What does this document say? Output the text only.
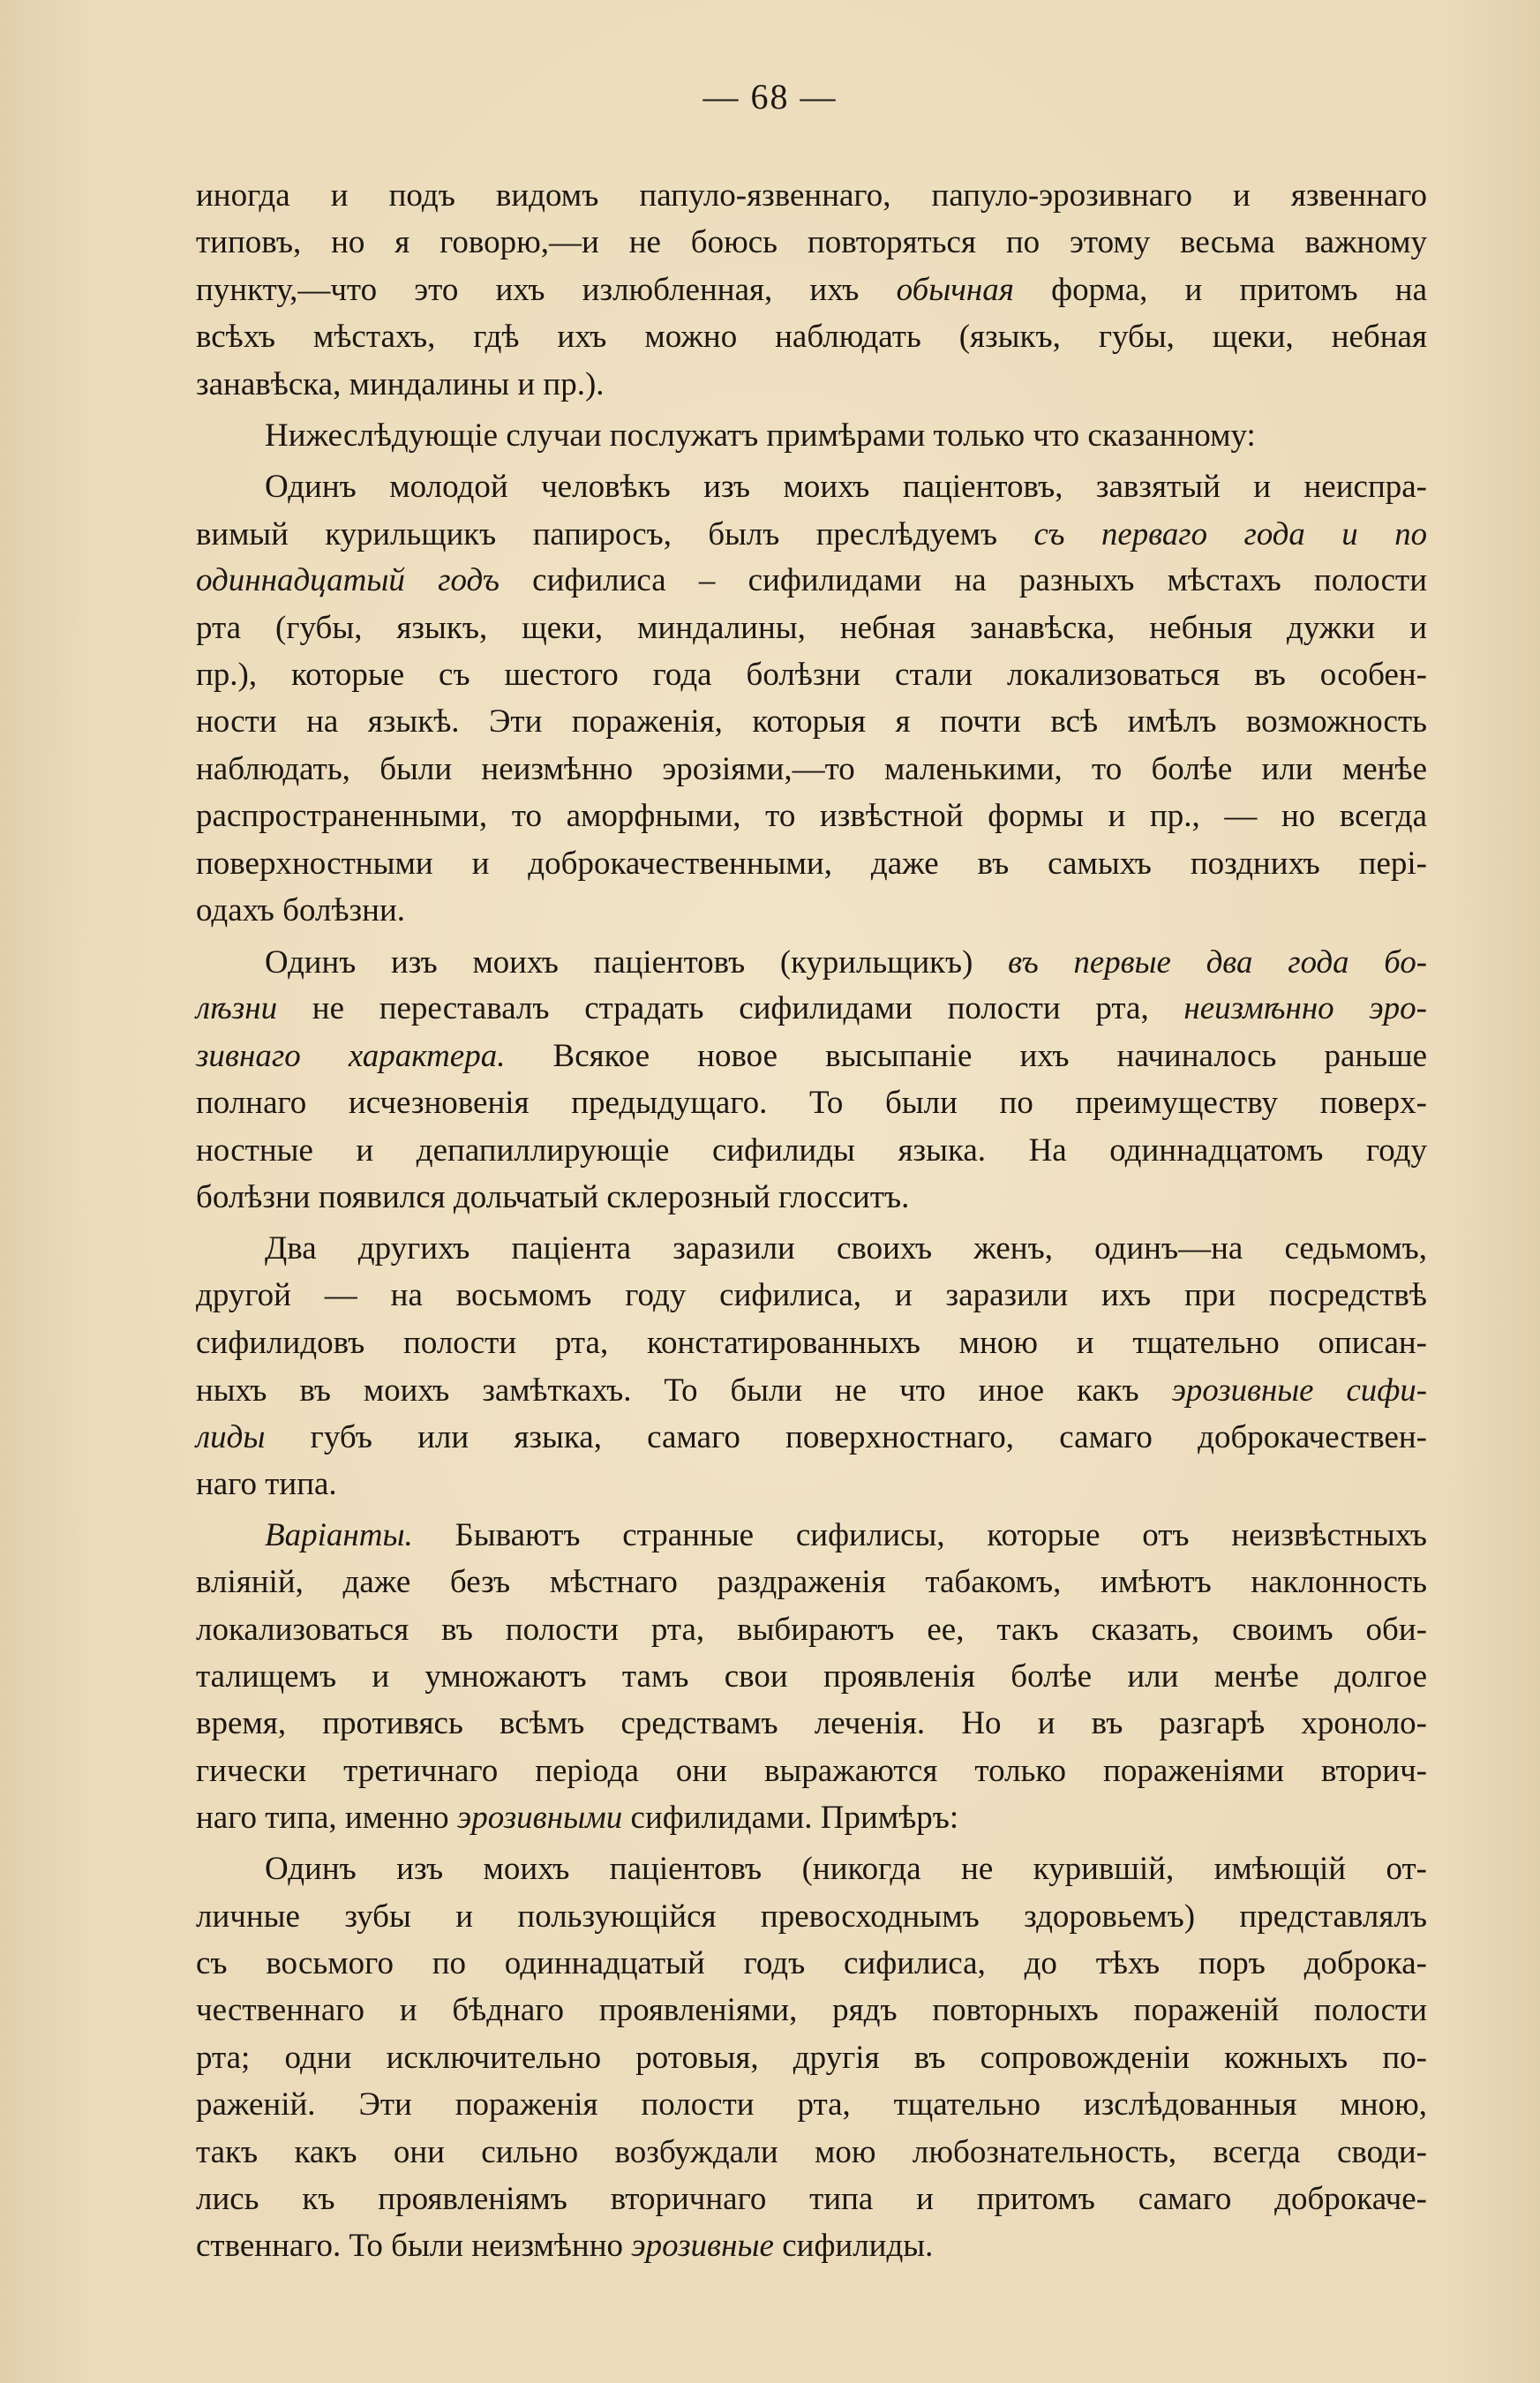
— 68 —
иногда и подъ видомъ папуло-язвеннаго, папуло-эрозивнаго и язвеннаго
типовъ, но я говорю,—и не боюсь повторяться по этому весьма важному
пункту,—что это ихъ излюбленная, ихъ обычная форма, и притомъ на
всѣхъ мѣстахъ, гдѣ ихъ можно наблюдать (языкъ, губы, щеки, небная
занавѣска, миндалины и пр.).
Нижеслѣдующіе случаи послужатъ примѣрами только что сказанному:
Одинъ молодой человѣкъ изъ моихъ паціентовъ, завзятый и неиспра-
вимый курильщикъ папиросъ, былъ преслѣдуемъ съ перваго года и по
одиннадцатый годъ сифилиса – сифилидами на разныхъ мѣстахъ полости
рта (губы, языкъ, щеки, миндалины, небная занавѣска, небныя дужки и
пр.), которые съ шестого года болѣзни стали локализоваться въ особен-
ности на языкѣ. Эти пораженія, которыя я почти всѣ имѣлъ возможность
наблюдать, были неизмѣнно эрозіями,—то маленькими, то болѣе или менѣе
распространенными, то аморфными, то извѣстной формы и пр., — но всегда
поверхностными и доброкачественными, даже въ самыхъ позднихъ пері-
одахъ болѣзни.
Одинъ изъ моихъ паціентовъ (курильщикъ) въ первые два года бо-
лѣзни не переставалъ страдать сифилидами полости рта, неизмѣнно эро-
зивнаго характера. Всякое новое высыпаніе ихъ начиналось раньше
полнаго исчезновенія предыдущаго. То были по преимуществу поверх-
ностные и депапиллирующіе сифилиды языка. На одиннадцатомъ году
болѣзни появился дольчатый склерозный глосситъ.
Два другихъ паціента заразили своихъ женъ, одинъ—на седьмомъ,
другой — на восьмомъ году сифилиса, и заразили ихъ при посредствѣ
сифилидовъ полости рта, констатированныхъ мною и тщательно описан-
ныхъ въ моихъ замѣткахъ. То были не что иное какъ эрозивные сифи-
лиды губъ или языка, самаго поверхностнаго, самаго доброкачествен-
наго типа.
Варіанты. Бываютъ странные сифилисы, которые отъ неизвѣстныхъ
вліяній, даже безъ мѣстнаго раздраженія табакомъ, имѣютъ наклонность
локализоваться въ полости рта, выбираютъ ее, такъ сказать, своимъ оби-
талищемъ и умножаютъ тамъ свои проявленія болѣе или менѣе долгое
время, противясь всѣмъ средствамъ леченія. Но и въ разгарѣ хроноло-
гически третичнаго періода они выражаются только пораженіями вторич-
наго типа, именно эрозивными сифилидами. Примѣръ:
Одинъ изъ моихъ паціентовъ (никогда не курившій, имѣющій от-
личные зубы и пользующійся превосходнымъ здоровьемъ) представлялъ
съ восьмого по одиннадцатый годъ сифилиса, до тѣхъ поръ доброка-
чественнаго и бѣднаго проявленіями, рядъ повторныхъ пораженій полости
рта; одни исключительно ротовыя, другія въ сопровожденіи кожныхъ по-
раженій. Эти пораженія полости рта, тщательно изслѣдованныя мною,
такъ какъ они сильно возбуждали мою любознательность, всегда своди-
лись къ проявленіямъ вторичнаго типа и притомъ самаго доброкаче-
ственнаго. То были неизмѣнно эрозивные сифилиды.
